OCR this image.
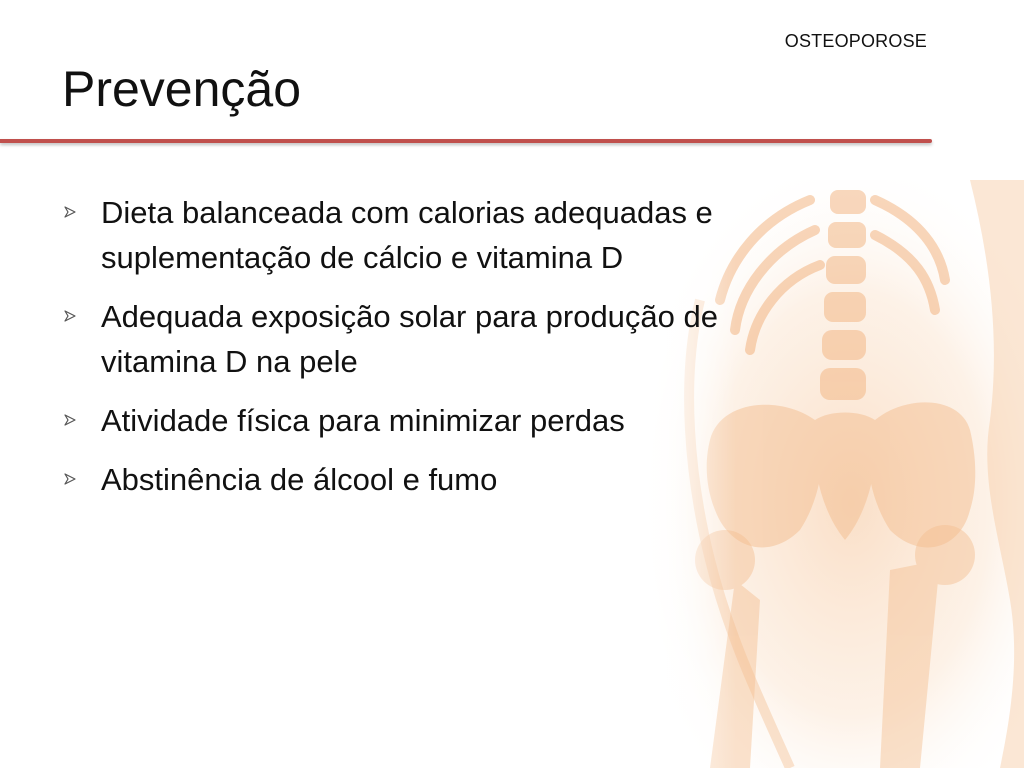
OSTEOPOROSE
Prevenção
Dieta balanceada com calorias adequadas e suplementação de cálcio e vitamina D
Adequada exposição solar para produção de vitamina D na pele
Atividade física para minimizar perdas
Abstinência de álcool e fumo
